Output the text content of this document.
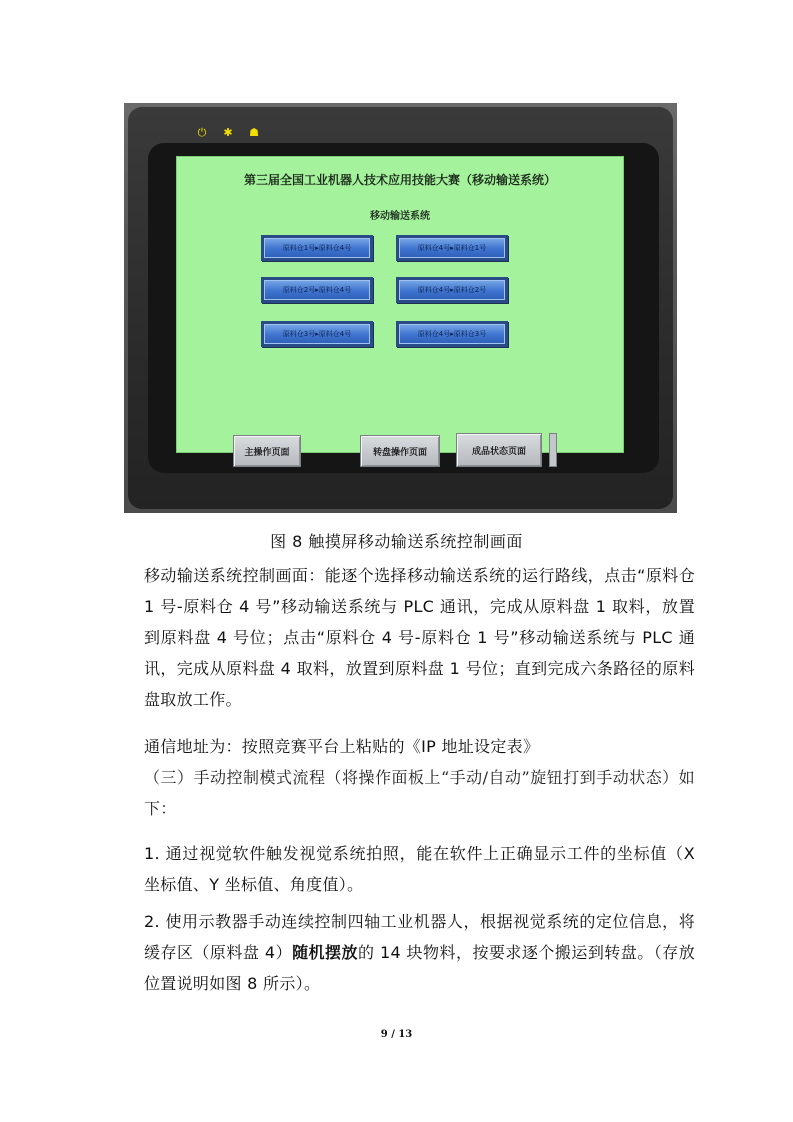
⏻ ✱ ☗
第三届全国工业机器人技术应用技能大赛（移动输送系统）
移动输送系统
原料仓1号▸原料仓4号	原料仓4号▸原料仓1号
原料仓2号▸原料仓4号	原料仓4号▸原料仓2号
原料仓3号▸原料仓4号	原料仓4号▸原料仓3号
主操作页面	转盘操作页面	成品状态页面
图 8 触摸屏移动输送系统控制画面
移动输送系统控制画面：能逐个选择移动输送系统的运行路线，点击“原料仓 1 号-原料仓 4 号”移动输送系统与 PLC 通讯，完成从原料盘 1 取料，放置到原料盘 4 号位；点击“原料仓 4 号-原料仓 1 号”移动输送系统与 PLC 通讯，完成从原料盘 4 取料，放置到原料盘 1 号位；直到完成六条路径的原料盘取放工作。
通信地址为：按照竞赛平台上粘贴的《IP 地址设定表》
（三）手动控制模式流程（将操作面板上“手动/自动”旋钮打到手动状态）如下：
1. 通过视觉软件触发视觉系统拍照，能在软件上正确显示工件的坐标值（X 坐标值、Y 坐标值、角度值）。
2. 使用示教器手动连续控制四轴工业机器人，根据视觉系统的定位信息，将缓存区（原料盘 4）随机摆放的 14 块物料，按要求逐个搬运到转盘。（存放位置说明如图 8 所示）。
9 / 13
